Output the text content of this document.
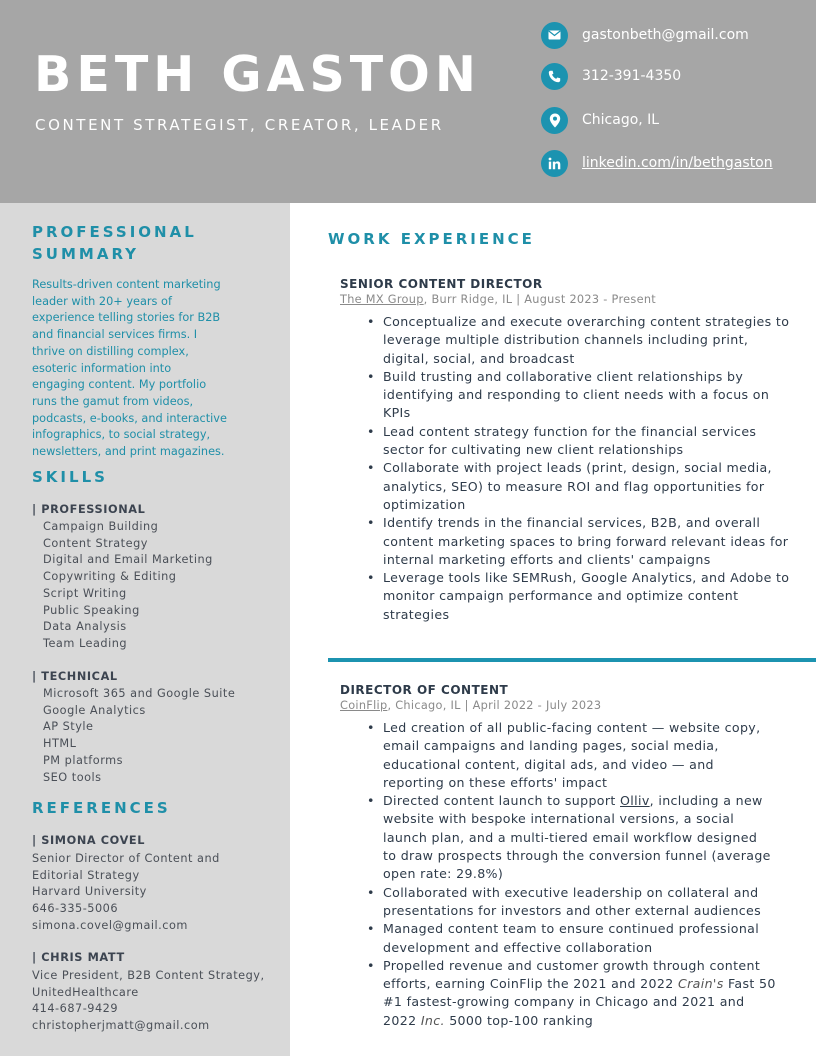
BETH GASTON
CONTENT STRATEGIST, CREATOR, LEADER
gastonbeth@gmail.com
312-391-4350
Chicago, IL
linkedin.com/in/bethgaston
PROFESSIONAL SUMMARY
Results-driven content marketing
leader with 20+ years of
experience telling stories for B2B
and financial services firms. I
thrive on distilling complex,
esoteric information into
engaging content. My portfolio
runs the gamut from videos,
podcasts, e-books, and interactive
infographics, to social strategy,
newsletters, and print magazines.
SKILLS
| PROFESSIONAL
Campaign Building
Content Strategy
Digital and Email Marketing
Copywriting & Editing
Script Writing
Public Speaking
Data Analysis
Team Leading
| TECHNICAL
Microsoft 365 and Google Suite
Google Analytics
AP Style
HTML
PM platforms
SEO tools
REFERENCES
| SIMONA COVEL
Senior Director of Content and
Editorial Strategy
Harvard University
646-335-5006
simona.covel@gmail.com
| CHRIS MATT
Vice President, B2B Content Strategy,
UnitedHealthcare
414-687-9429
christopherjmatt@gmail.com
WORK EXPERIENCE
SENIOR CONTENT DIRECTOR
The MX Group, Burr Ridge, IL | August 2023 - Present
• Conceptualize and execute overarching content strategies to
leverage multiple distribution channels including print,
digital, social, and broadcast
• Build trusting and collaborative client relationships by
identifying and responding to client needs with a focus on
KPIs
• Lead content strategy function for the financial services
sector for cultivating new client relationships
• Collaborate with project leads (print, design, social media,
analytics, SEO) to measure ROI and flag opportunities for
optimization
• Identify trends in the financial services, B2B, and overall
content marketing spaces to bring forward relevant ideas for
internal marketing efforts and clients' campaigns
• Leverage tools like SEMRush, Google Analytics, and Adobe to
monitor campaign performance and optimize content
strategies
DIRECTOR OF CONTENT
CoinFlip, Chicago, IL | April 2022 - July 2023
• Led creation of all public-facing content — website copy,
email campaigns and landing pages, social media,
educational content, digital ads, and video — and
reporting on these efforts' impact
• Directed content launch to support Olliv, including a new
website with bespoke international versions, a social
launch plan, and a multi-tiered email workflow designed
to draw prospects through the conversion funnel (average
open rate: 29.8%)
• Collaborated with executive leadership on collateral and
presentations for investors and other external audiences
• Managed content team to ensure continued professional
development and effective collaboration
• Propelled revenue and customer growth through content
efforts, earning CoinFlip the 2021 and 2022 Crain's Fast 50
#1 fastest-growing company in Chicago and 2021 and
2022 Inc. 5000 top-100 ranking
